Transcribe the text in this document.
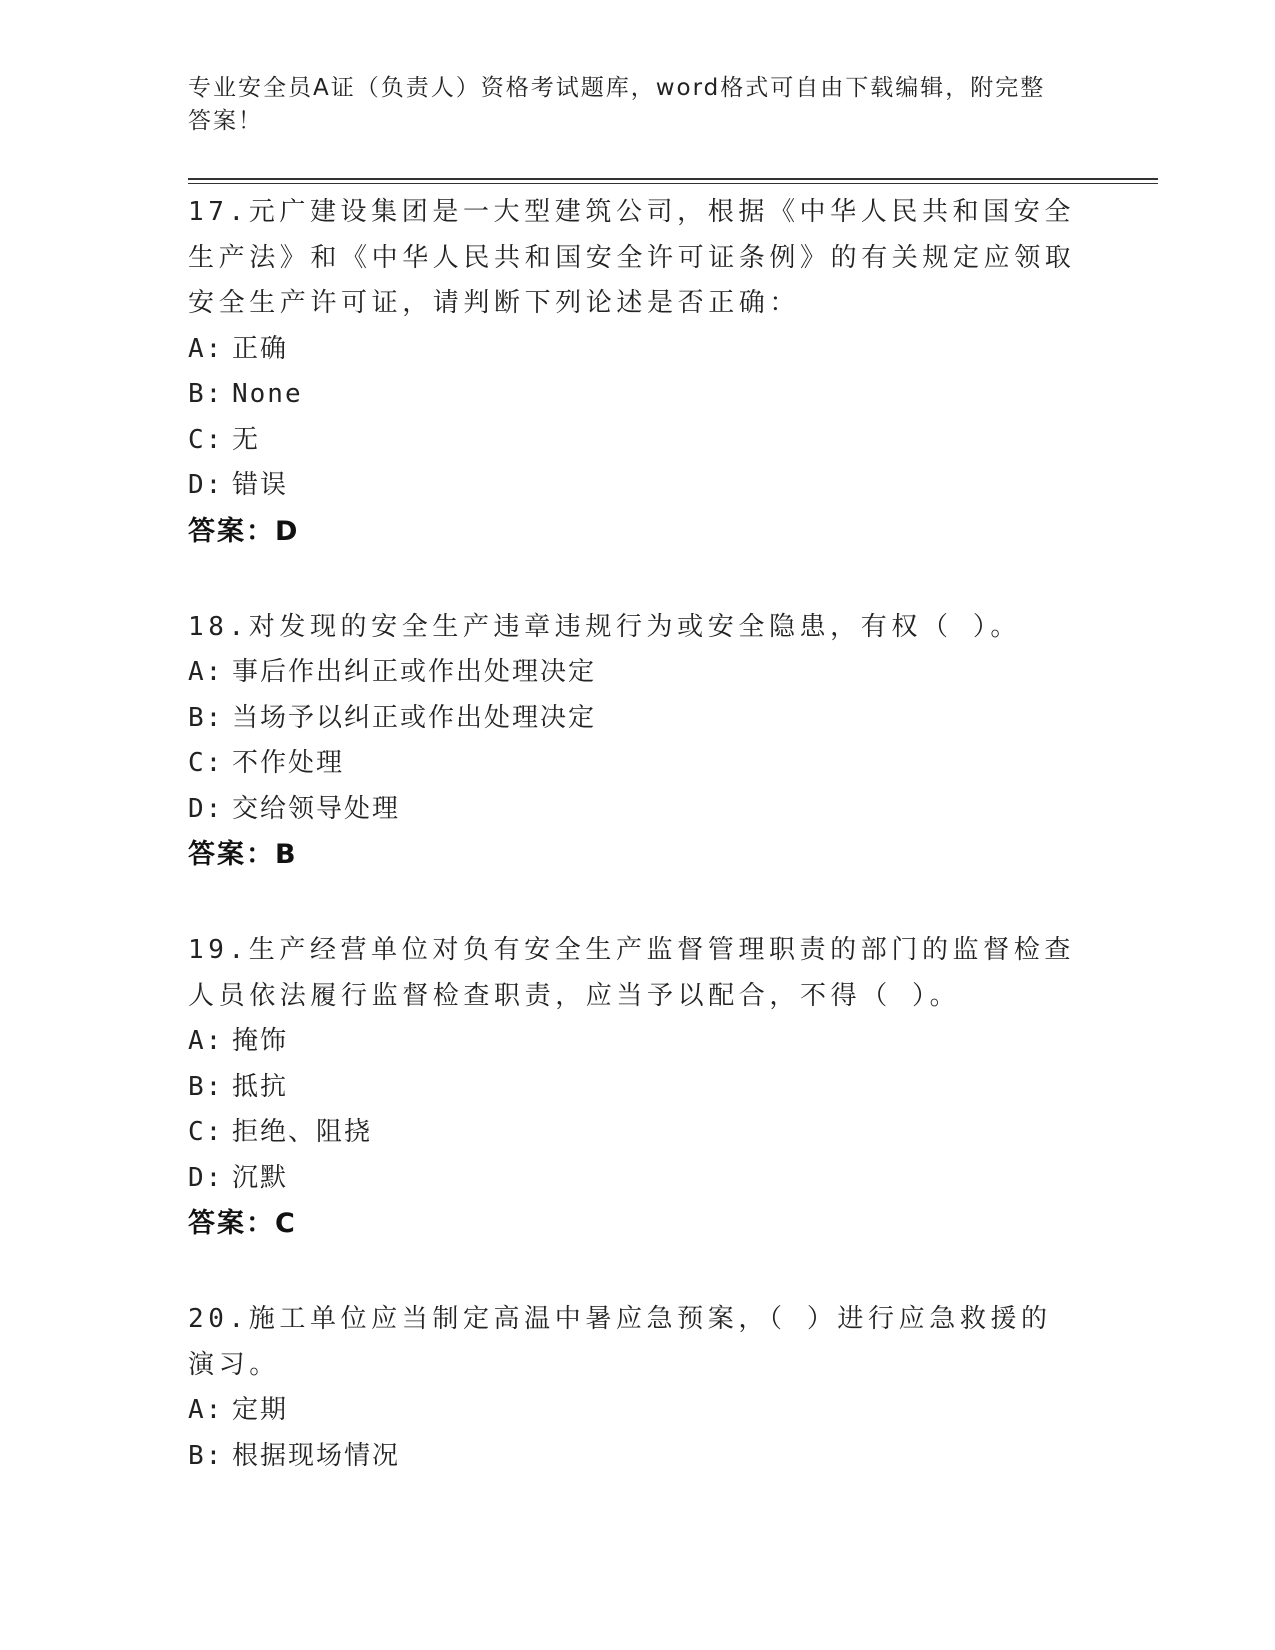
专业安全员A证（负责人）资格考试题库，word格式可自由下载编辑，附完整答案！
17.元广建设集团是一大型建筑公司，根据《中华人民共和国安全生产法》和《中华人民共和国安全许可证条例》的有关规定应领取安全生产许可证，请判断下列论述是否正确：
A: 正确
B: None
C: 无
D: 错误
答案：D
18.对发现的安全生产违章违规行为或安全隐患，有权（ ）。
A: 事后作出纠正或作出处理决定
B: 当场予以纠正或作出处理决定
C: 不作处理
D: 交给领导处理
答案：B
19.生产经营单位对负有安全生产监督管理职责的部门的监督检查人员依法履行监督检查职责，应当予以配合，不得（ ）。
A: 掩饰
B: 抵抗
C: 拒绝、阻挠
D: 沉默
答案：C
20.施工单位应当制定高温中暑应急预案，（ ）进行应急救援的演习。
A: 定期
B: 根据现场情况
